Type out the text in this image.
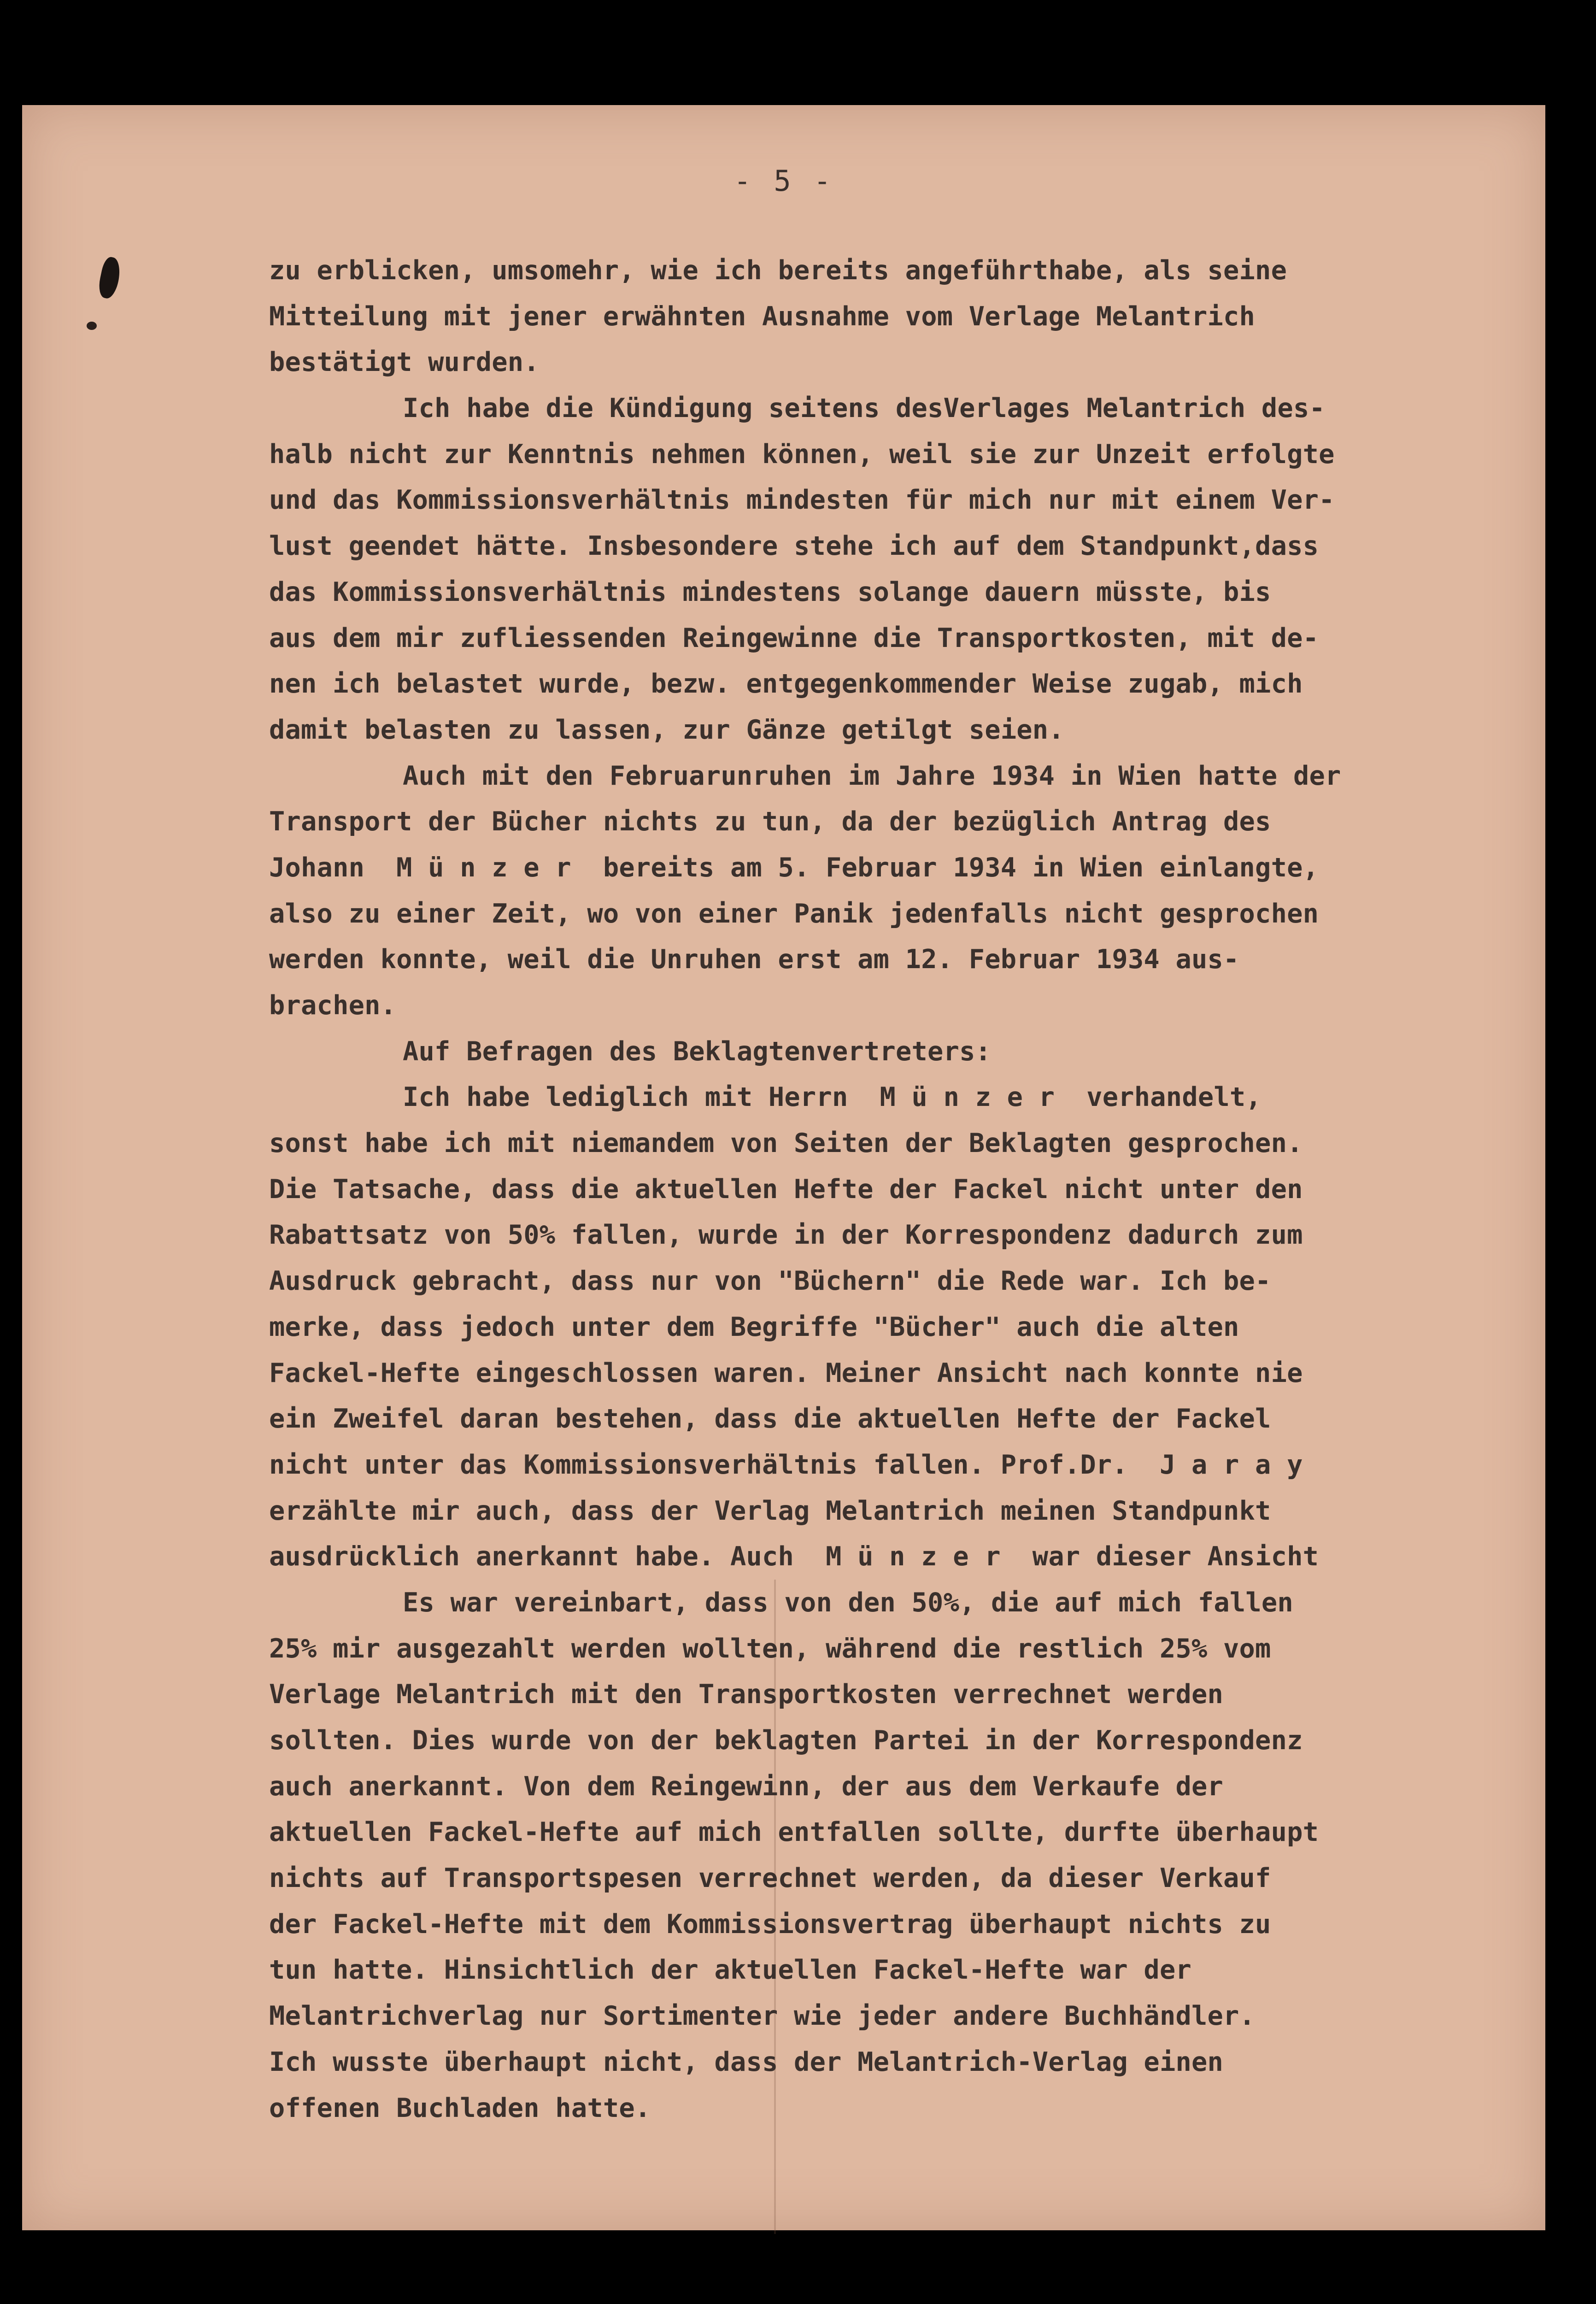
- 5 -
zu erblicken, umsomehr, wie ich bereits angeführthabe, als seine
Mitteilung mit jener erwähnten Ausnahme vom Verlage Melantrich
bestätigt wurden.
Ich habe die Kündigung seitens desVerlages Melantrich des-
halb nicht zur Kenntnis nehmen können, weil sie zur Unzeit erfolgte
und das Kommissionsverhältnis mindesten für mich nur mit einem Ver-
lust geendet hätte. Insbesondere stehe ich auf dem Standpunkt,dass
das Kommissionsverhältnis mindestens solange dauern müsste, bis
aus dem mir zufliessenden Reingewinne die Transportkosten, mit de-
nen ich belastet wurde, bezw. entgegenkommender Weise zugab, mich
damit belasten zu lassen, zur Gänze getilgt seien.
Auch mit den Februarunruhen im Jahre 1934 in Wien hatte der
Transport der Bücher nichts zu tun, da der bezüglich Antrag des
Johann  M ü n z e r  bereits am 5. Februar 1934 in Wien einlangte,
also zu einer Zeit, wo von einer Panik jedenfalls nicht gesprochen
werden konnte, weil die Unruhen erst am 12. Februar 1934 aus-
brachen.
Auf Befragen des Beklagtenvertreters:
Ich habe lediglich mit Herrn  M ü n z e r  verhandelt,
sonst habe ich mit niemandem von Seiten der Beklagten gesprochen.
Die Tatsache, dass die aktuellen Hefte der Fackel nicht unter den
Rabattsatz von 50% fallen, wurde in der Korrespondenz dadurch zum
Ausdruck gebracht, dass nur von "Büchern" die Rede war. Ich be-
merke, dass jedoch unter dem Begriffe "Bücher" auch die alten
Fackel-Hefte eingeschlossen waren. Meiner Ansicht nach konnte nie
ein Zweifel daran bestehen, dass die aktuellen Hefte der Fackel
nicht unter das Kommissionsverhältnis fallen. Prof.Dr.  J a r a y
erzählte mir auch, dass der Verlag Melantrich meinen Standpunkt
ausdrücklich anerkannt habe. Auch  M ü n z e r  war dieser Ansicht
Es war vereinbart, dass von den 50%, die auf mich fallen
25% mir ausgezahlt werden wollten, während die restlich 25% vom
Verlage Melantrich mit den Transportkosten verrechnet werden
sollten. Dies wurde von der beklagten Partei in der Korrespondenz
auch anerkannt. Von dem Reingewinn, der aus dem Verkaufe der
aktuellen Fackel-Hefte auf mich entfallen sollte, durfte überhaupt
nichts auf Transportspesen verrechnet werden, da dieser Verkauf
der Fackel-Hefte mit dem Kommissionsvertrag überhaupt nichts zu
tun hatte. Hinsichtlich der aktuellen Fackel-Hefte war der
Melantrichverlag nur Sortimenter wie jeder andere Buchhändler.
Ich wusste überhaupt nicht, dass der Melantrich-Verlag einen
offenen Buchladen hatte.
